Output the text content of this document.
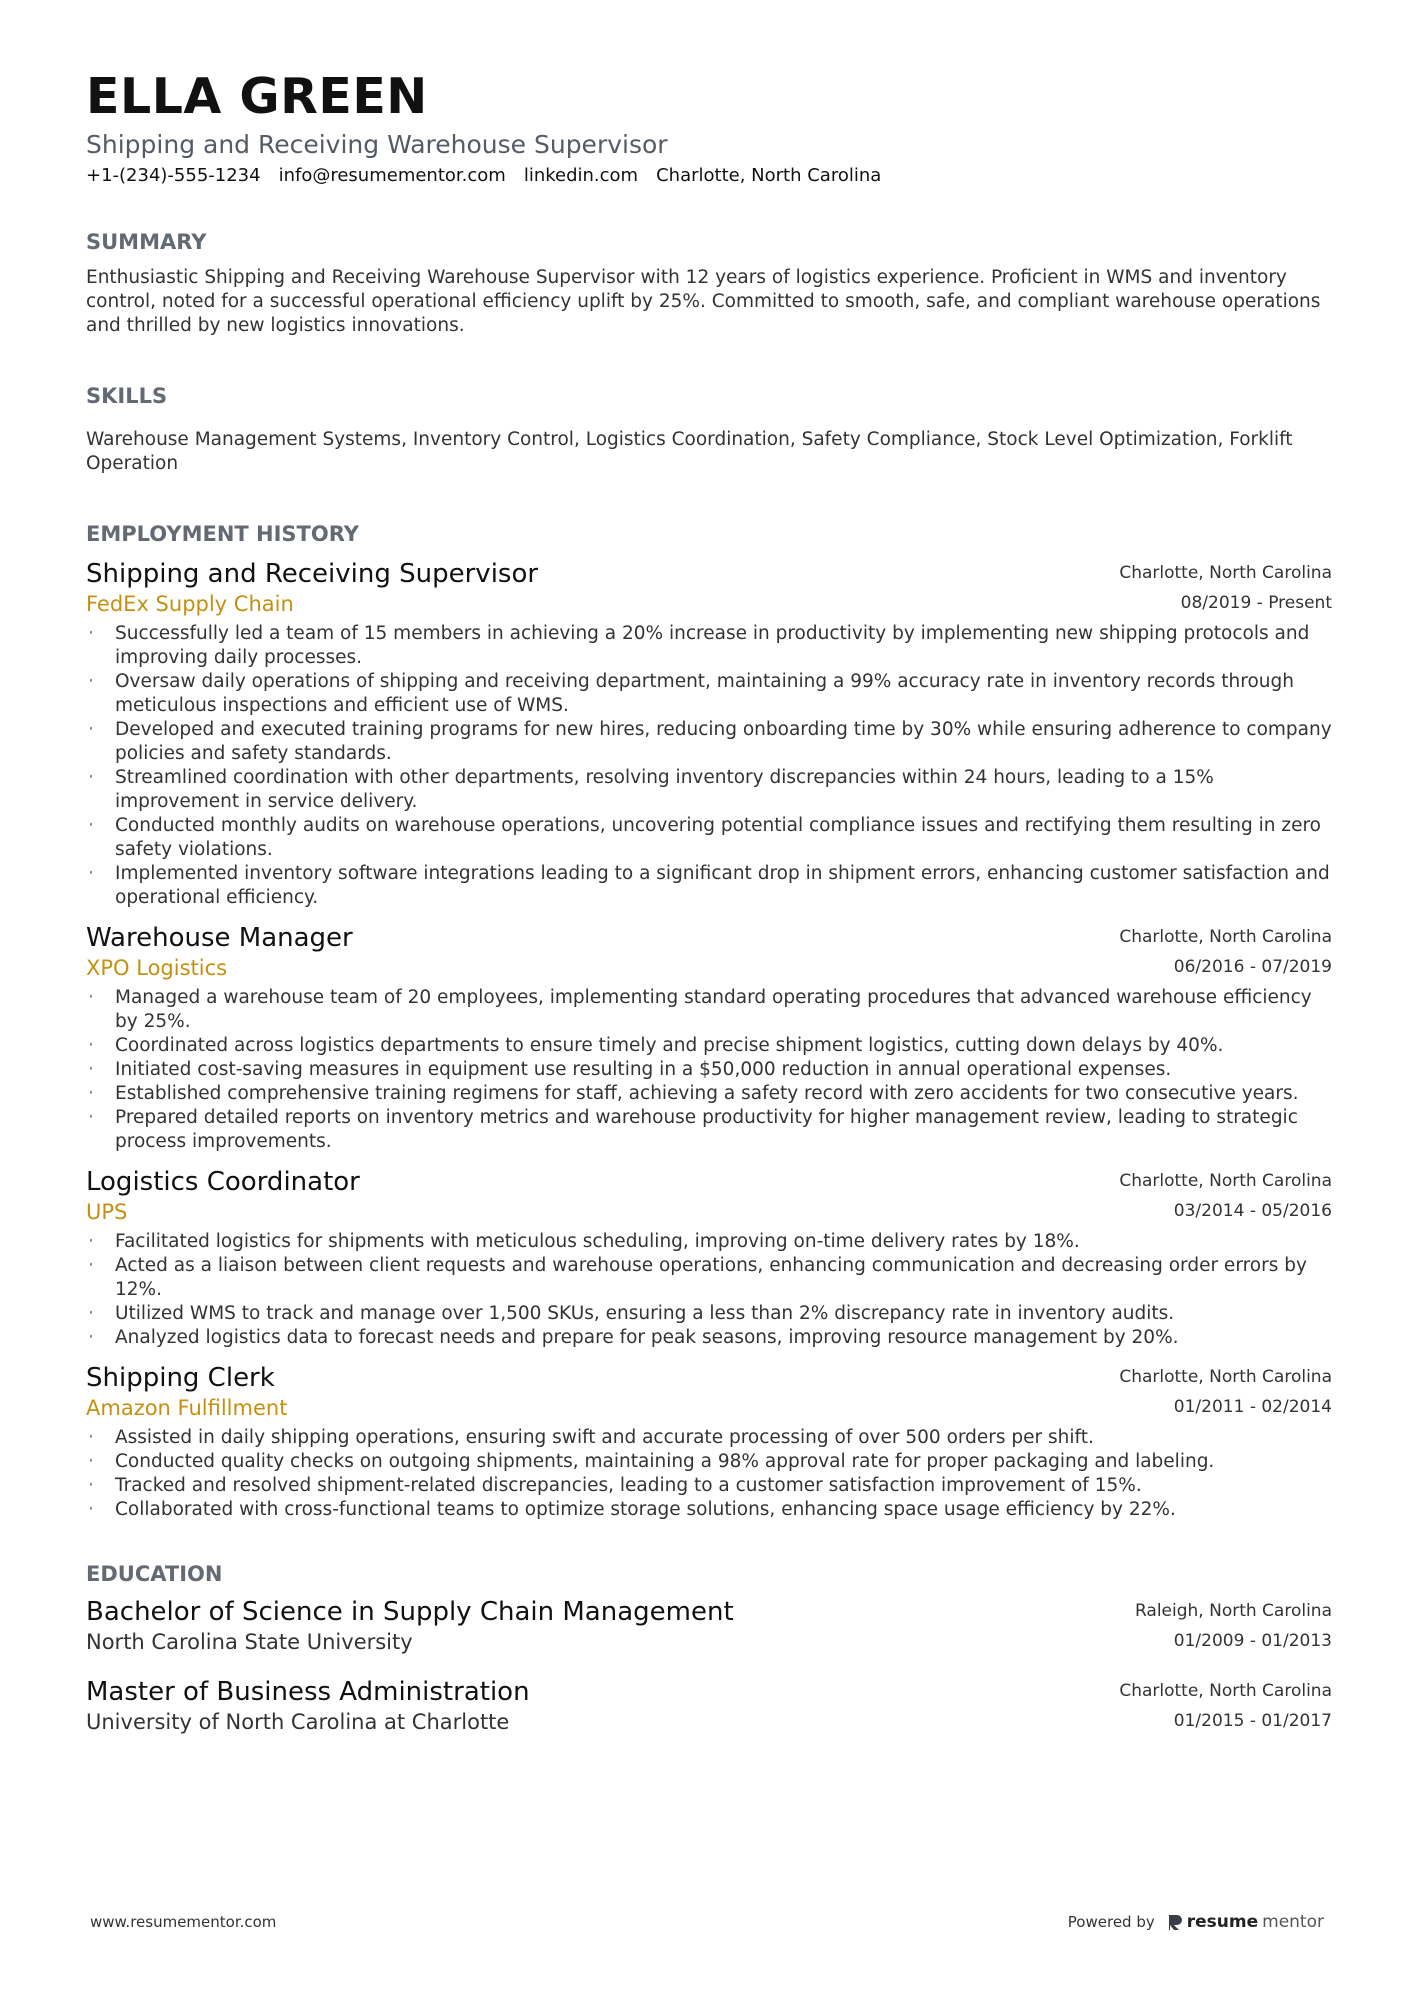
ELLA GREEN
Shipping and Receiving Warehouse Supervisor
+1-(234)-555-1234 info@resumementor.com linkedin.com Charlotte, North Carolina
SUMMARY
Enthusiastic Shipping and Receiving Warehouse Supervisor with 12 years of logistics experience. Proficient in WMS and inventory control, noted for a successful operational efficiency uplift by 25%. Committed to smooth, safe, and compliant warehouse operations and thrilled by new logistics innovations.
SKILLS
Warehouse Management Systems, Inventory Control, Logistics Coordination, Safety Compliance, Stock Level Optimization, Forklift Operation
EMPLOYMENT HISTORY
Shipping and Receiving Supervisor
FedEx Supply Chain
Charlotte, North Carolina
08/2019 - Present
· Successfully led a team of 15 members in achieving a 20% increase in productivity by implementing new shipping protocols and improving daily processes.
· Oversaw daily operations of shipping and receiving department, maintaining a 99% accuracy rate in inventory records through meticulous inspections and efficient use of WMS.
· Developed and executed training programs for new hires, reducing onboarding time by 30% while ensuring adherence to company policies and safety standards.
· Streamlined coordination with other departments, resolving inventory discrepancies within 24 hours, leading to a 15% improvement in service delivery.
· Conducted monthly audits on warehouse operations, uncovering potential compliance issues and rectifying them resulting in zero safety violations.
· Implemented inventory software integrations leading to a significant drop in shipment errors, enhancing customer satisfaction and operational efficiency.
Warehouse Manager
XPO Logistics
Charlotte, North Carolina
06/2016 - 07/2019
· Managed a warehouse team of 20 employees, implementing standard operating procedures that advanced warehouse efficiency by 25%.
· Coordinated across logistics departments to ensure timely and precise shipment logistics, cutting down delays by 40%.
· Initiated cost-saving measures in equipment use resulting in a $50,000 reduction in annual operational expenses.
· Established comprehensive training regimens for staff, achieving a safety record with zero accidents for two consecutive years.
· Prepared detailed reports on inventory metrics and warehouse productivity for higher management review, leading to strategic process improvements.
Logistics Coordinator
UPS
Charlotte, North Carolina
03/2014 - 05/2016
· Facilitated logistics for shipments with meticulous scheduling, improving on-time delivery rates by 18%.
· Acted as a liaison between client requests and warehouse operations, enhancing communication and decreasing order errors by 12%.
· Utilized WMS to track and manage over 1,500 SKUs, ensuring a less than 2% discrepancy rate in inventory audits.
· Analyzed logistics data to forecast needs and prepare for peak seasons, improving resource management by 20%.
Shipping Clerk
Amazon Fulfillment
Charlotte, North Carolina
01/2011 - 02/2014
· Assisted in daily shipping operations, ensuring swift and accurate processing of over 500 orders per shift.
· Conducted quality checks on outgoing shipments, maintaining a 98% approval rate for proper packaging and labeling.
· Tracked and resolved shipment-related discrepancies, leading to a customer satisfaction improvement of 15%.
· Collaborated with cross-functional teams to optimize storage solutions, enhancing space usage efficiency by 22%.
EDUCATION
Bachelor of Science in Supply Chain Management
North Carolina State University
Raleigh, North Carolina
01/2009 - 01/2013
Master of Business Administration
University of North Carolina at Charlotte
Charlotte, North Carolina
01/2015 - 01/2017
www.resumementor.com	Powered by resume mentor
